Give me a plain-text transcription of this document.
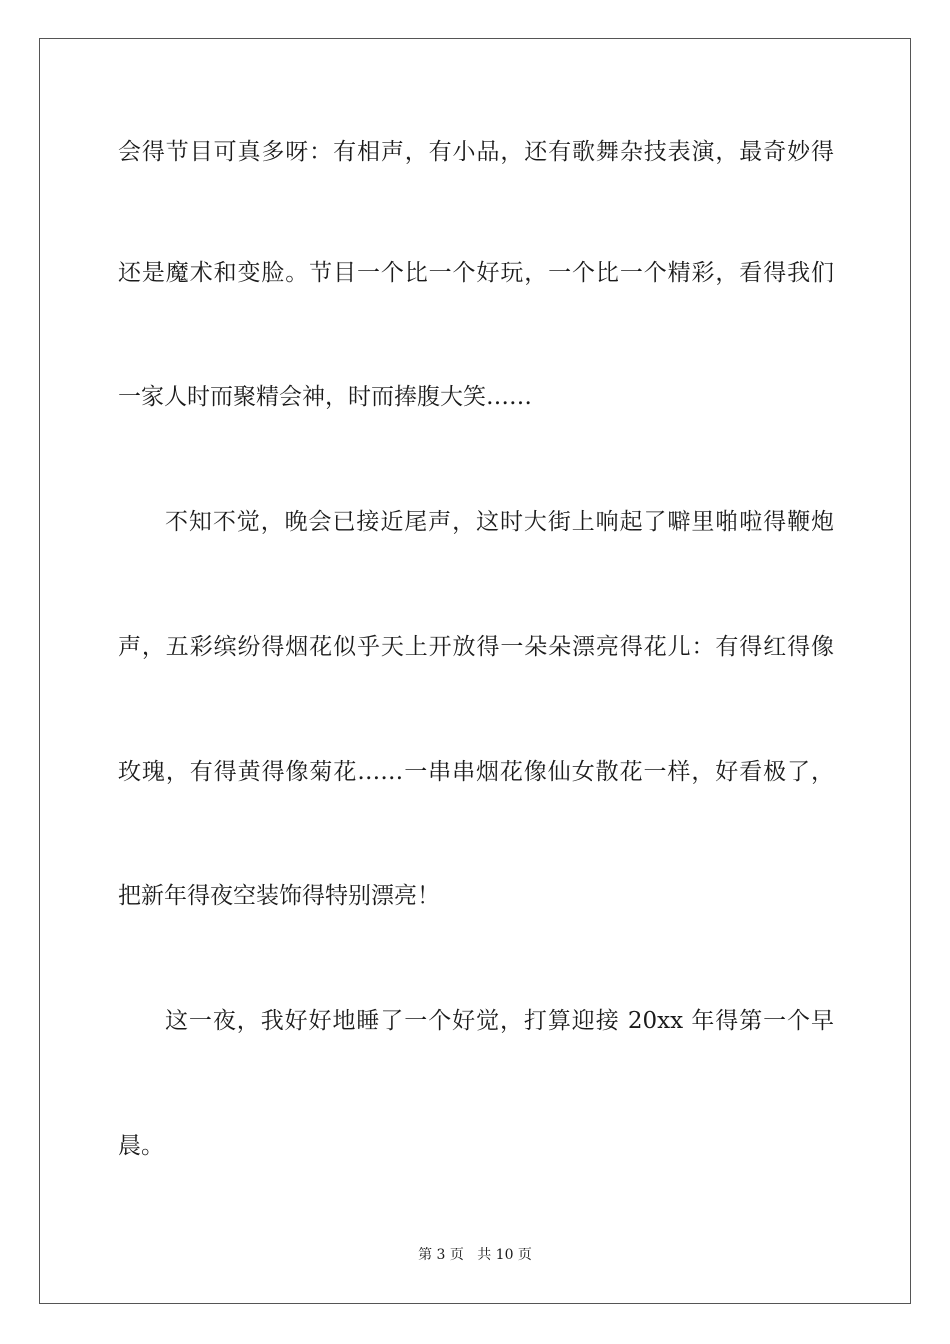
会得节目可真多呀：有相声，有小品，还有歌舞杂技表演，最奇妙得
还是魔术和变脸。节目一个比一个好玩，一个比一个精彩，看得我们
一家人时而聚精会神，时而捧腹大笑……
不知不觉，晚会已接近尾声，这时大街上响起了噼里啪啦得鞭炮
声，五彩缤纷得烟花似乎天上开放得一朵朵漂亮得花儿：有得红得像
玫瑰，有得黄得像菊花……一串串烟花像仙女散花一样，好看极了，
把新年得夜空装饰得特别漂亮！
这一夜，我好好地睡了一个好觉，打算迎接 20xx 年得第一个早
晨。
第 3 页   共 10 页
